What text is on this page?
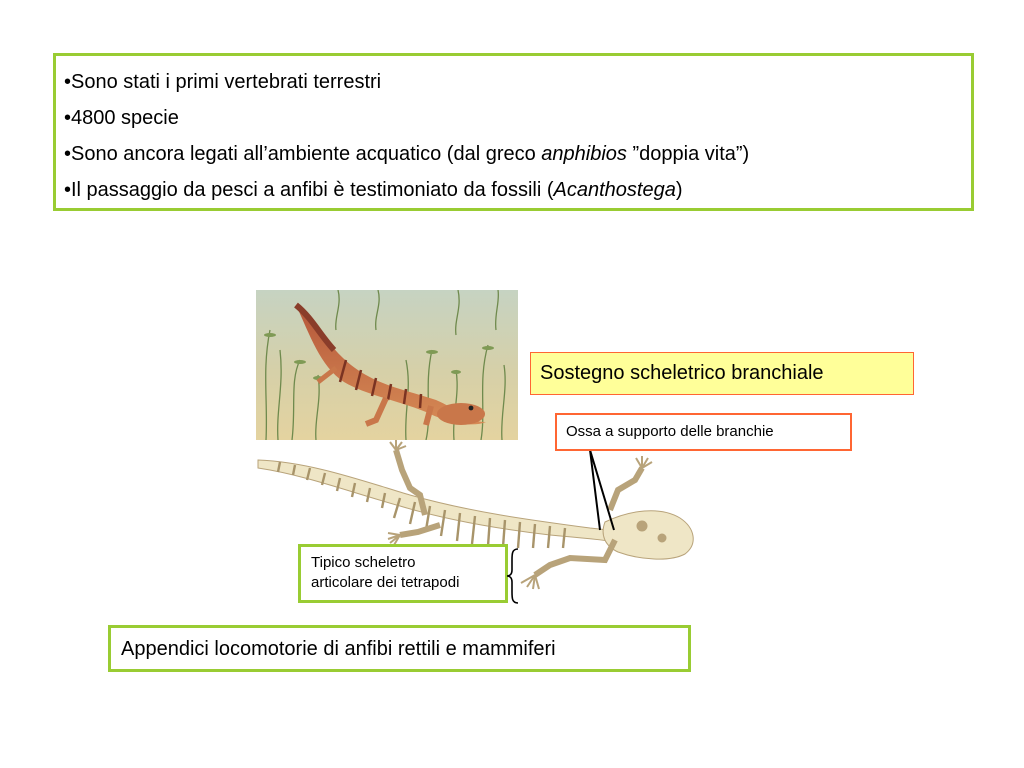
•Sono stati i primi vertebrati terrestri
•4800 specie
•Sono ancora legati all’ambiente acquatico (dal greco anphibios ”doppia vita”)
•Il passaggio da pesci a anfibi è testimoniato da fossili (Acanthostega)
Sostegno scheletrico branchiale
Ossa a supporto delle branchie
Tipico scheletro
articolare dei tetrapodi
Appendici locomotorie di anfibi rettili e mammiferi
